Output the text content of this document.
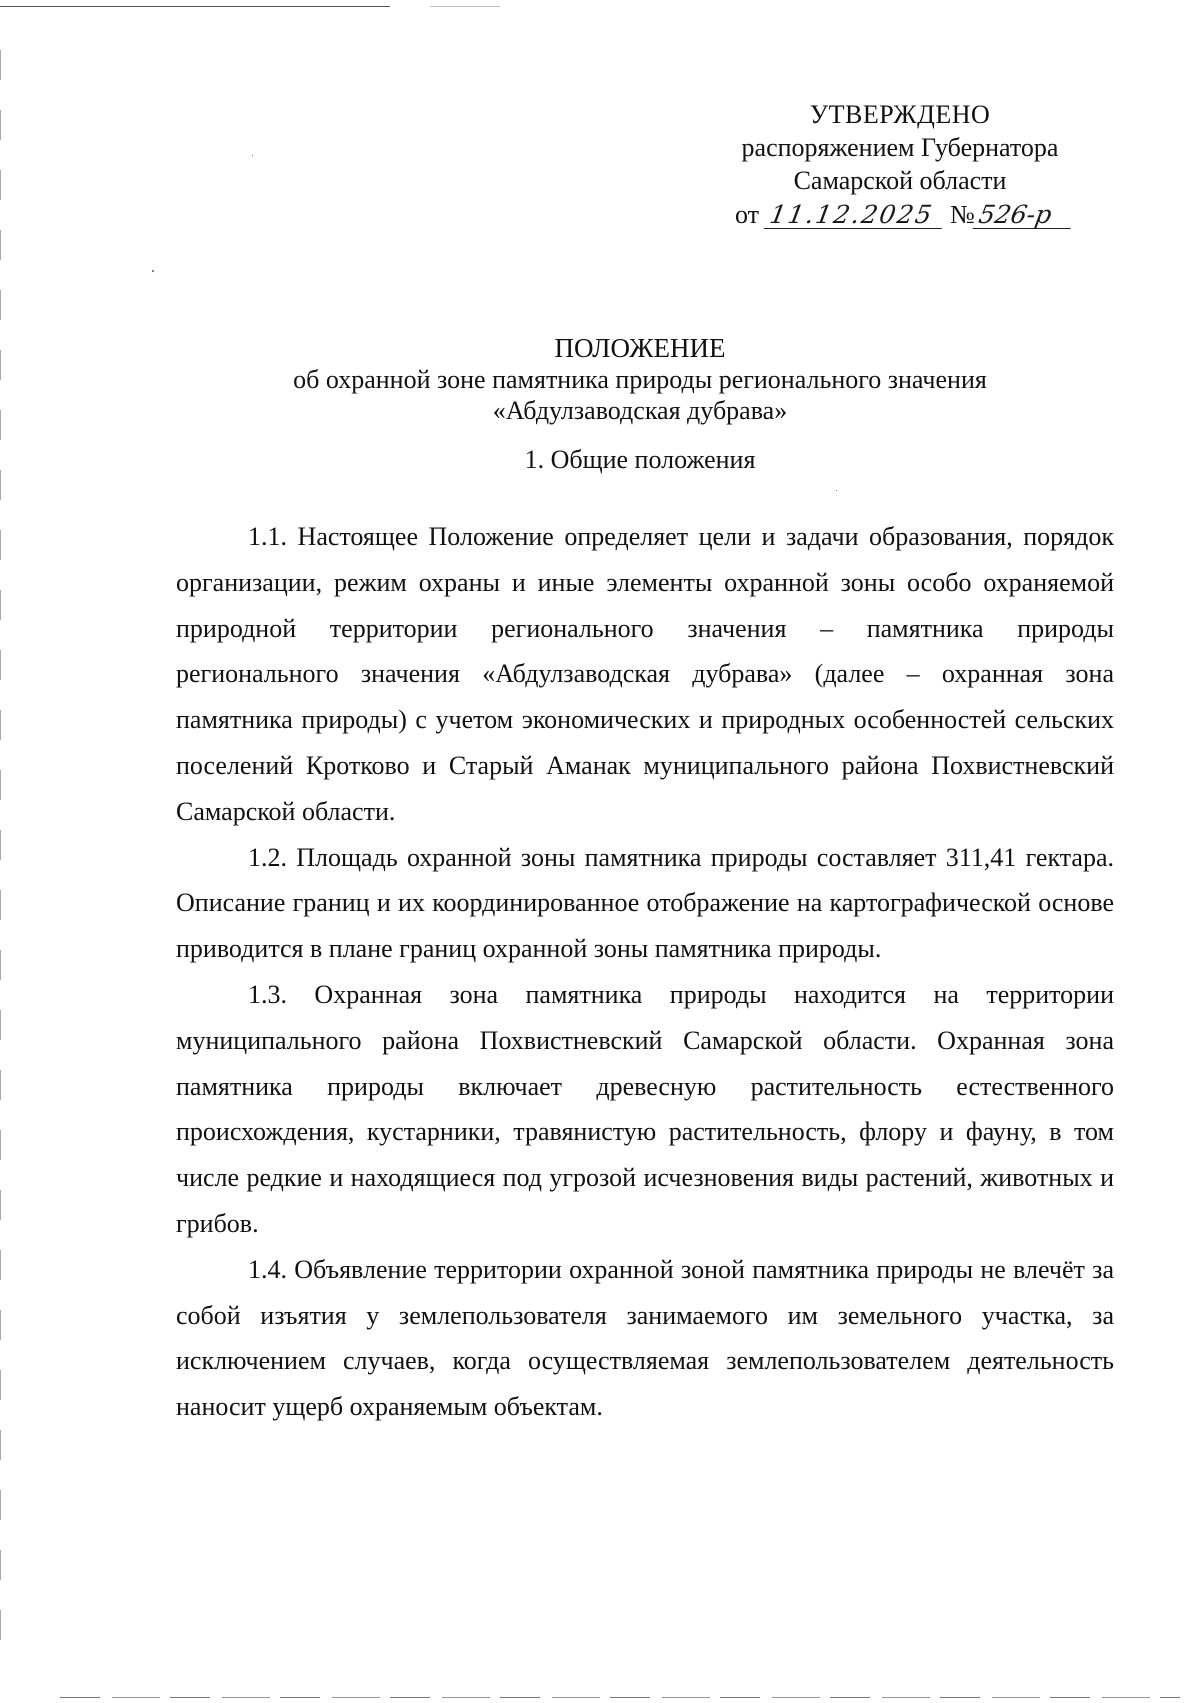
УТВЕРЖДЕНО
распоряжением Губернатора
Самарской области
от 11.12.2025 №526-р
ПОЛОЖЕНИЕ
об охранной зоне памятника природы регионального значения
«Абдулзаводская дубрава»
1. Общие положения

1.1. Настоящее Положение определяет цели и задачи образования, порядок организации, режим охраны и иные элементы охранной зоны особо охраняемой природной территории регионального значения – памятника природы регионального значения «Абдулзаводская дубрава» (далее – охранная зона памятника природы) с учетом экономических и природных особенностей сельских поселений Кротково и Старый Аманак муниципального района Похвистневский Самарской области.

1.2. Площадь охранной зоны памятника природы составляет 311,41 гектара. Описание границ и их координированное отображение на картографической основе приводится в плане границ охранной зоны памятника природы.

1.3. Охранная зона памятника природы находится на территории муниципального района Похвистневский Самарской области. Охранная зона памятника природы включает древесную растительность естественного происхождения, кустарники, травянистую растительность, флору и фауну, в том числе редкие и находящиеся под угрозой исчезновения виды растений, животных и грибов.

1.4. Объявление территории охранной зоной памятника природы не влечёт за собой изъятия у землепользователя занимаемого им земельного участка, за исключением случаев, когда осуществляемая землепользователем деятельность наносит ущерб охраняемым объектам.
